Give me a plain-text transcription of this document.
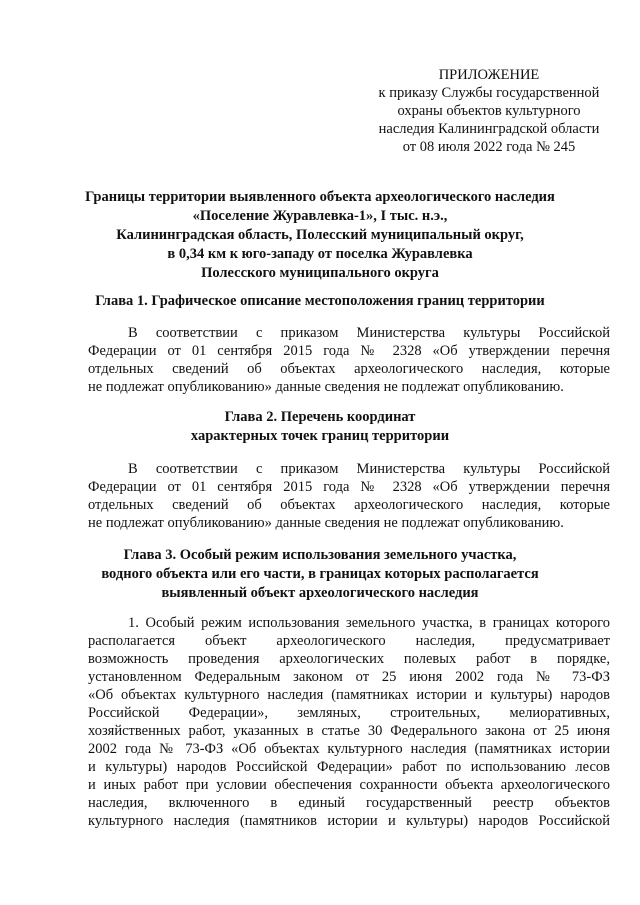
ПРИЛОЖЕНИЕ
к приказу Службы государственной
охраны объектов культурного
наследия Калининградской области
от 08 июля 2022 года № 245
Границы территории выявленного объекта археологического наследия
«Поселение Журавлевка-1», I тыс. н.э.,
Калининградская область, Полесский муниципальный округ,
в 0,34 км к юго-западу от поселка Журавлевка
Полесского муниципального округа
Глава 1. Графическое описание местоположения границ территории
В соответствии с приказом Министерства культуры Российской
Федерации от 01 сентября 2015 года № 2328 «Об утверждении перечня
отдельных сведений об объектах археологического наследия, которые
не подлежат опубликованию» данные сведения не подлежат опубликованию.
Глава 2. Перечень координат
характерных точек границ территории
В соответствии с приказом Министерства культуры Российской
Федерации от 01 сентября 2015 года № 2328 «Об утверждении перечня
отдельных сведений об объектах археологического наследия, которые
не подлежат опубликованию» данные сведения не подлежат опубликованию.
Глава 3. Особый режим использования земельного участка,
водного объекта или его части, в границах которых располагается
выявленный объект археологического наследия
1. Особый режим использования земельного участка, в границах которого
располагается объект археологического наследия, предусматривает
возможность проведения археологических полевых работ в порядке,
установленном Федеральным законом от 25 июня 2002 года № 73-ФЗ
«Об объектах культурного наследия (памятниках истории и культуры) народов
Российской Федерации», земляных, строительных, мелиоративных,
хозяйственных работ, указанных в статье 30 Федерального закона от 25 июня
2002 года № 73-ФЗ «Об объектах культурного наследия (памятниках истории
и культуры) народов Российской Федерации» работ по использованию лесов
и иных работ при условии обеспечения сохранности объекта археологического
наследия, включенного в единый государственный реестр объектов
культурного наследия (памятников истории и культуры) народов Российской
